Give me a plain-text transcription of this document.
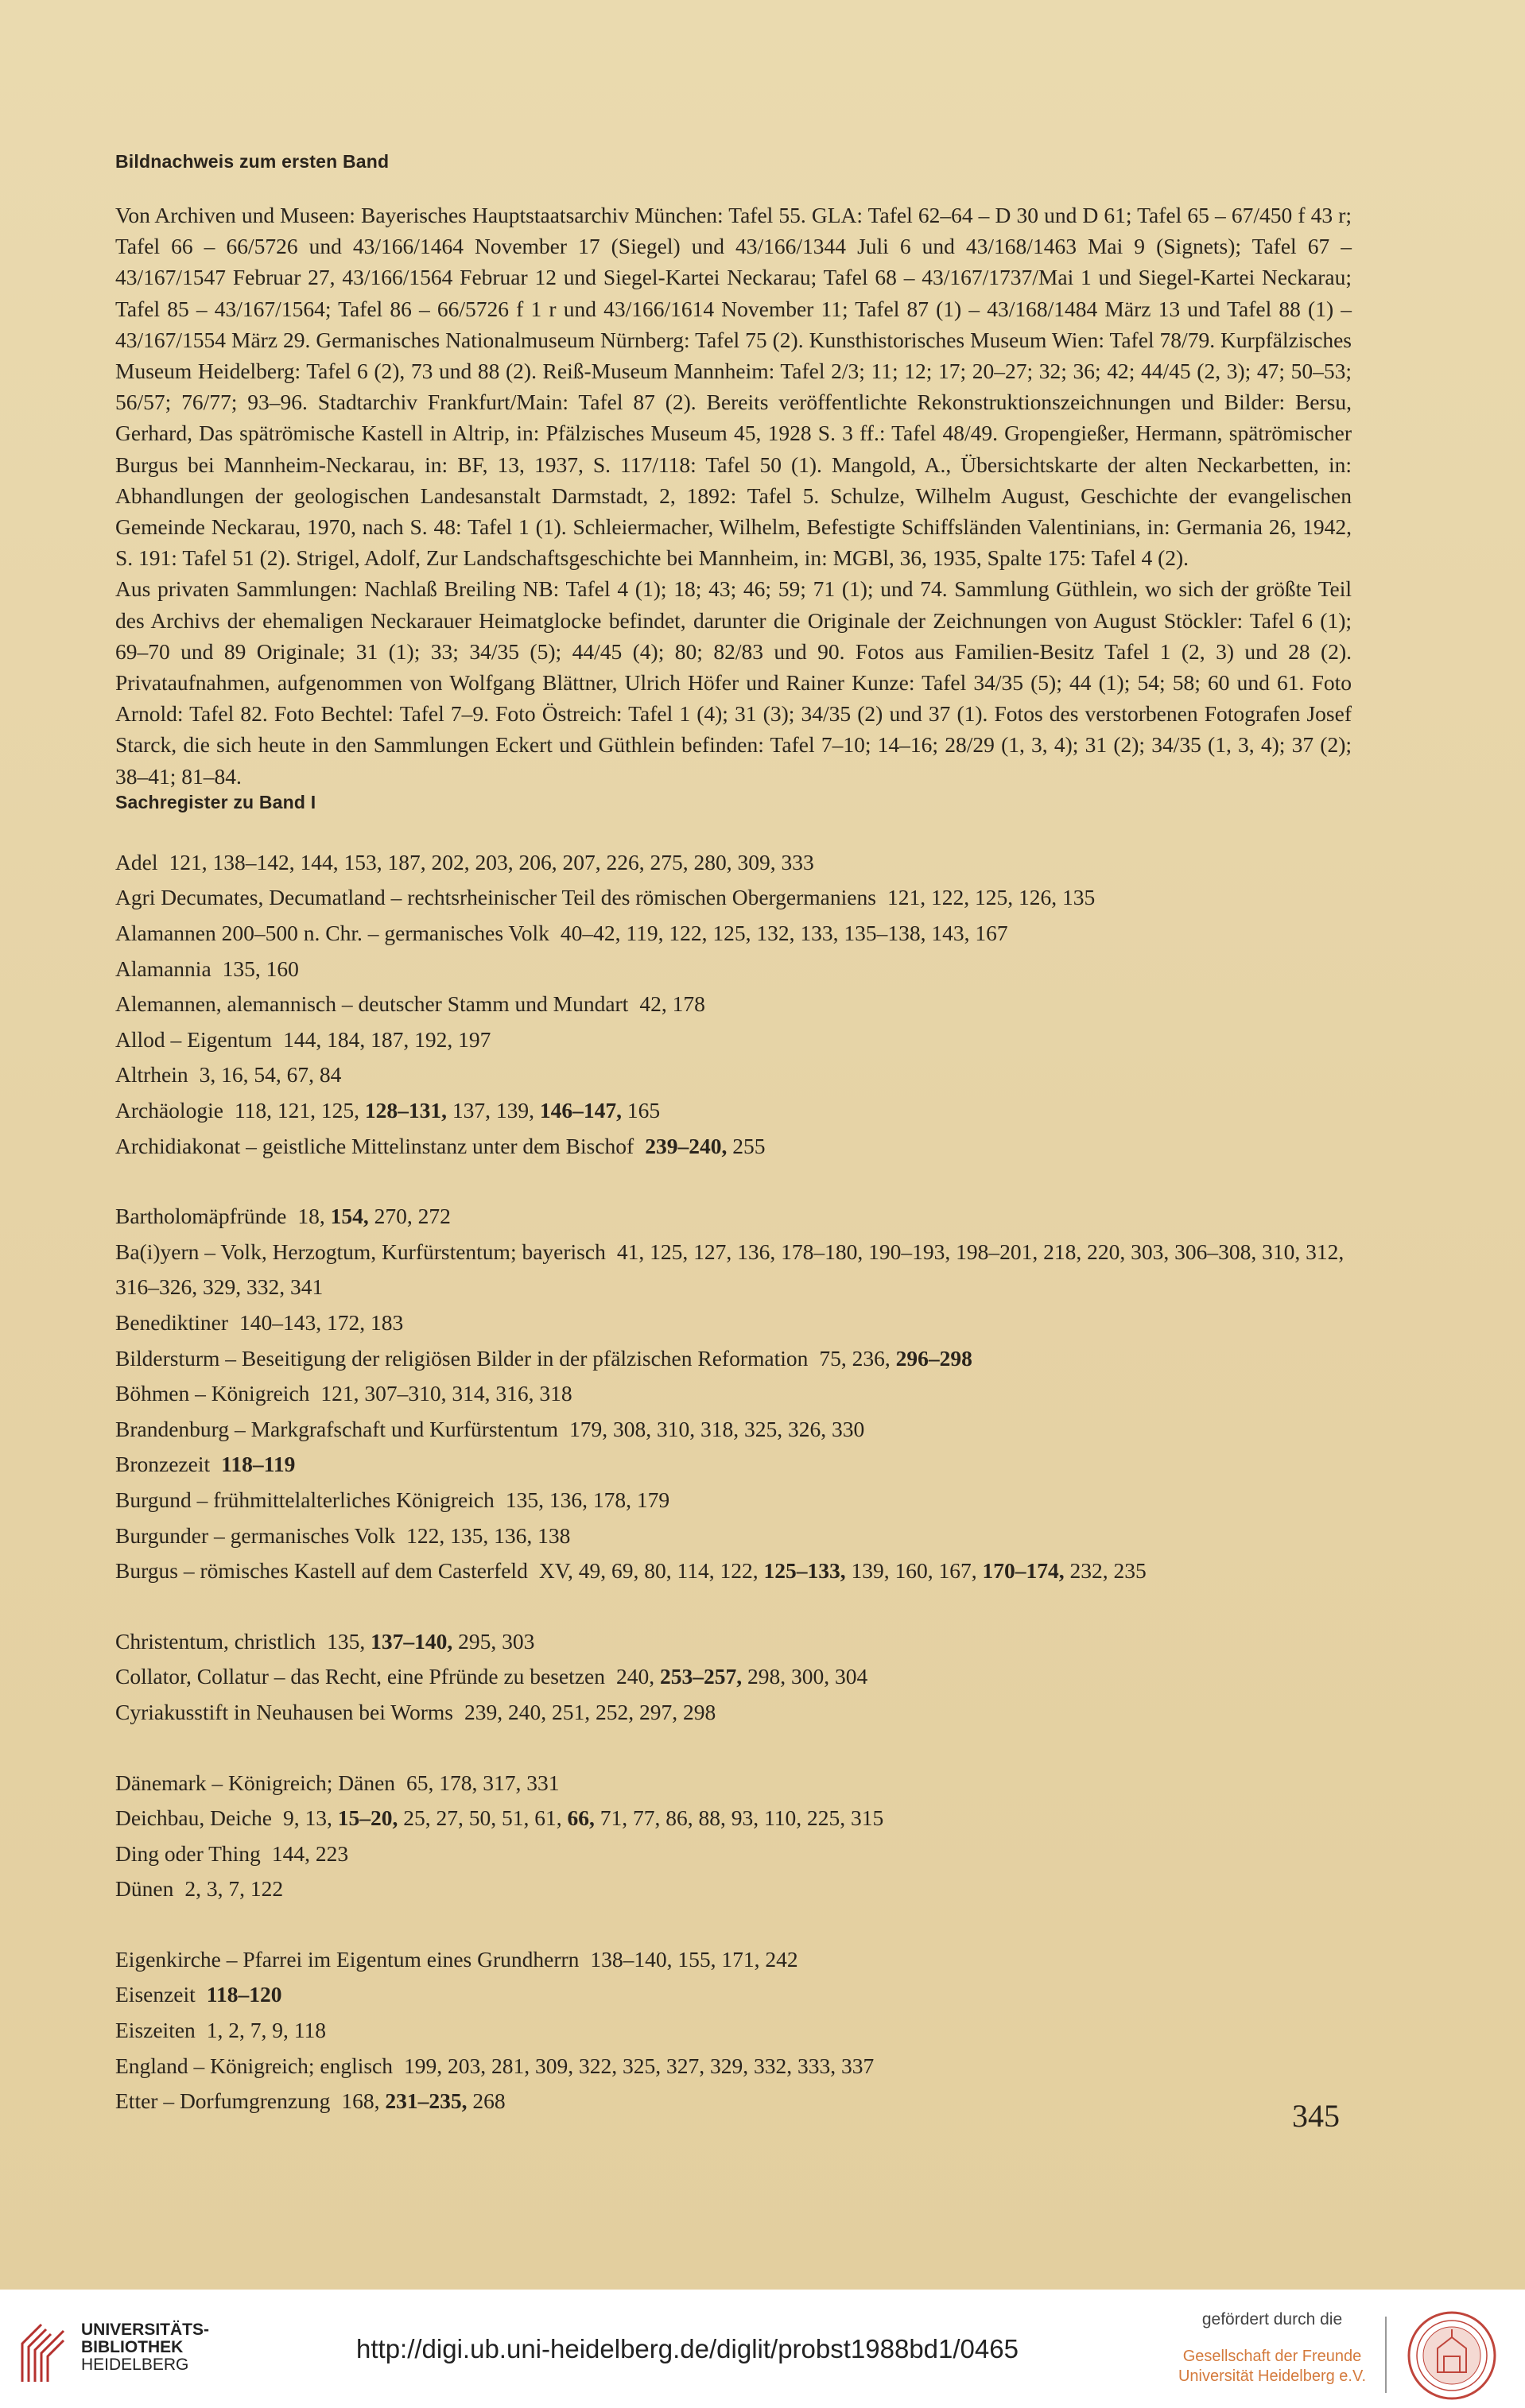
Bildnachweis zum ersten Band

Von Archiven und Museen: Bayerisches Hauptstaatsarchiv München: Tafel 55. GLA: Tafel 62–64 – D 30 und D 61; Tafel 65 – 67/450 f 43 r; Tafel 66 – 66/5726 und 43/166/1464 November 17 (Siegel) und 43/166/1344 Juli 6 und 43/168/1463 Mai 9 (Signets); Tafel 67 – 43/167/1547 Februar 27, 43/166/1564 Februar 12 und Siegel-Kartei Neckarau; Tafel 68 – 43/167/1737/Mai 1 und Siegel-Kartei Neckarau; Tafel 85 – 43/167/1564; Tafel 86 – 66/5726 f 1 r und 43/166/1614 November 11; Tafel 87 (1) – 43/168/1484 März 13 und Tafel 88 (1) – 43/167/1554 März 29. Germanisches Nationalmuseum Nürnberg: Tafel 75 (2). Kunsthistorisches Museum Wien: Tafel 78/79. Kurpfälzisches Museum Heidelberg: Tafel 6 (2), 73 und 88 (2). Reiß-Museum Mannheim: Tafel 2/3; 11; 12; 17; 20–27; 32; 36; 42; 44/45 (2, 3); 47; 50–53; 56/57; 76/77; 93–96. Stadtarchiv Frankfurt/Main: Tafel 87 (2). Bereits veröffentlichte Rekonstruktionszeichnungen und Bilder: Bersu, Gerhard, Das spätrömische Kastell in Altrip, in: Pfälzisches Museum 45, 1928 S. 3 ff.: Tafel 48/49. Gropengießer, Hermann, spätrömischer Burgus bei Mannheim-Neckarau, in: BF, 13, 1937, S. 117/118: Tafel 50 (1). Mangold, A., Übersichtskarte der alten Neckarbetten, in: Abhandlungen der geologischen Landesanstalt Darmstadt, 2, 1892: Tafel 5. Schulze, Wilhelm August, Geschichte der evangelischen Gemeinde Neckarau, 1970, nach S. 48: Tafel 1 (1). Schleiermacher, Wilhelm, Befestigte Schiffsländen Valentinians, in: Germania 26, 1942, S. 191: Tafel 51 (2). Strigel, Adolf, Zur Landschaftsgeschichte bei Mannheim, in: MGBl, 36, 1935, Spalte 175: Tafel 4 (2).

Aus privaten Sammlungen: Nachlaß Breiling NB: Tafel 4 (1); 18; 43; 46; 59; 71 (1); und 74. Sammlung Güthlein, wo sich der größte Teil des Archivs der ehemaligen Neckarauer Heimatglocke befindet, darunter die Originale der Zeichnungen von August Stöckler: Tafel 6 (1); 69–70 und 89 Originale; 31 (1); 33; 34/35 (5); 44/45 (4); 80; 82/83 und 90. Fotos aus Familien-Besitz Tafel 1 (2, 3) und 28 (2). Privataufnahmen, aufgenommen von Wolfgang Blättner, Ulrich Höfer und Rainer Kunze: Tafel 34/35 (5); 44 (1); 54; 58; 60 und 61. Foto Arnold: Tafel 82. Foto Bechtel: Tafel 7–9. Foto Östreich: Tafel 1 (4); 31 (3); 34/35 (2) und 37 (1). Fotos des verstorbenen Fotografen Josef Starck, die sich heute in den Sammlungen Eckert und Güthlein befinden: Tafel 7–10; 14–16; 28/29 (1, 3, 4); 31 (2); 34/35 (1, 3, 4); 37 (2); 38–41; 81–84.

Sachregister zu Band I
Adel 121, 138–142, 144, 153, 187, 202, 203, 206, 207, 226, 275, 280, 309, 333
Agri Decumates, Decumatland – rechtsrheinischer Teil des römischen Obergermaniens 121, 122, 125, 126, 135
Alamannen 200–500 n. Chr. – germanisches Volk 40–42, 119, 122, 125, 132, 133, 135–138, 143, 167
Alamannia 135, 160
Alemannen, alemannisch – deutscher Stamm und Mundart 42, 178
Allod – Eigentum 144, 184, 187, 192, 197
Altrhein 3, 16, 54, 67, 84
Archäologie 118, 121, 125, 128–131, 137, 139, 146–147, 165
Archidiakonat – geistliche Mittelinstanz unter dem Bischof 239–240, 255
Bartholomäpfründe 18, 154, 270, 272
Ba(i)yern – Volk, Herzogtum, Kurfürstentum; bayerisch 41, 125, 127, 136, 178–180, 190–193, 198–201, 218, 220, 303, 306–308, 310, 312, 316–326, 329, 332, 341
Benediktiner 140–143, 172, 183
Bildersturm – Beseitigung der religiösen Bilder in der pfälzischen Reformation 75, 236, 296–298
Böhmen – Königreich 121, 307–310, 314, 316, 318
Brandenburg – Markgrafschaft und Kurfürstentum 179, 308, 310, 318, 325, 326, 330
Bronzezeit 118–119
Burgund – frühmittelalterliches Königreich 135, 136, 178, 179
Burgunder – germanisches Volk 122, 135, 136, 138
Burgus – römisches Kastell auf dem Casterfeld XV, 49, 69, 80, 114, 122, 125–133, 139, 160, 167, 170–174, 232, 235
Christentum, christlich 135, 137–140, 295, 303
Collator, Collatur – das Recht, eine Pfründe zu besetzen 240, 253–257, 298, 300, 304
Cyriakusstift in Neuhausen bei Worms 239, 240, 251, 252, 297, 298
Dänemark – Königreich; Dänen 65, 178, 317, 331
Deichbau, Deiche 9, 13, 15–20, 25, 27, 50, 51, 61, 66, 71, 77, 86, 88, 93, 110, 225, 315
Ding oder Thing 144, 223
Dünen 2, 3, 7, 122
Eigenkirche – Pfarrei im Eigentum eines Grundherrn 138–140, 155, 171, 242
Eisenzeit 118–120
Eiszeiten 1, 2, 7, 9, 118
England – Königreich; englisch 199, 203, 281, 309, 322, 325, 327, 329, 332, 333, 337
Etter – Dorfumgrenzung 168, 231–235, 268	345
UNIVERSITÄTS-
BIBLIOTHEK
HEIDELBERG
http://digi.ub.uni-heidelberg.de/diglit/probst1988bd1/0465
gefördert durch die
Gesellschaft der Freunde
Universität Heidelberg e.V.
